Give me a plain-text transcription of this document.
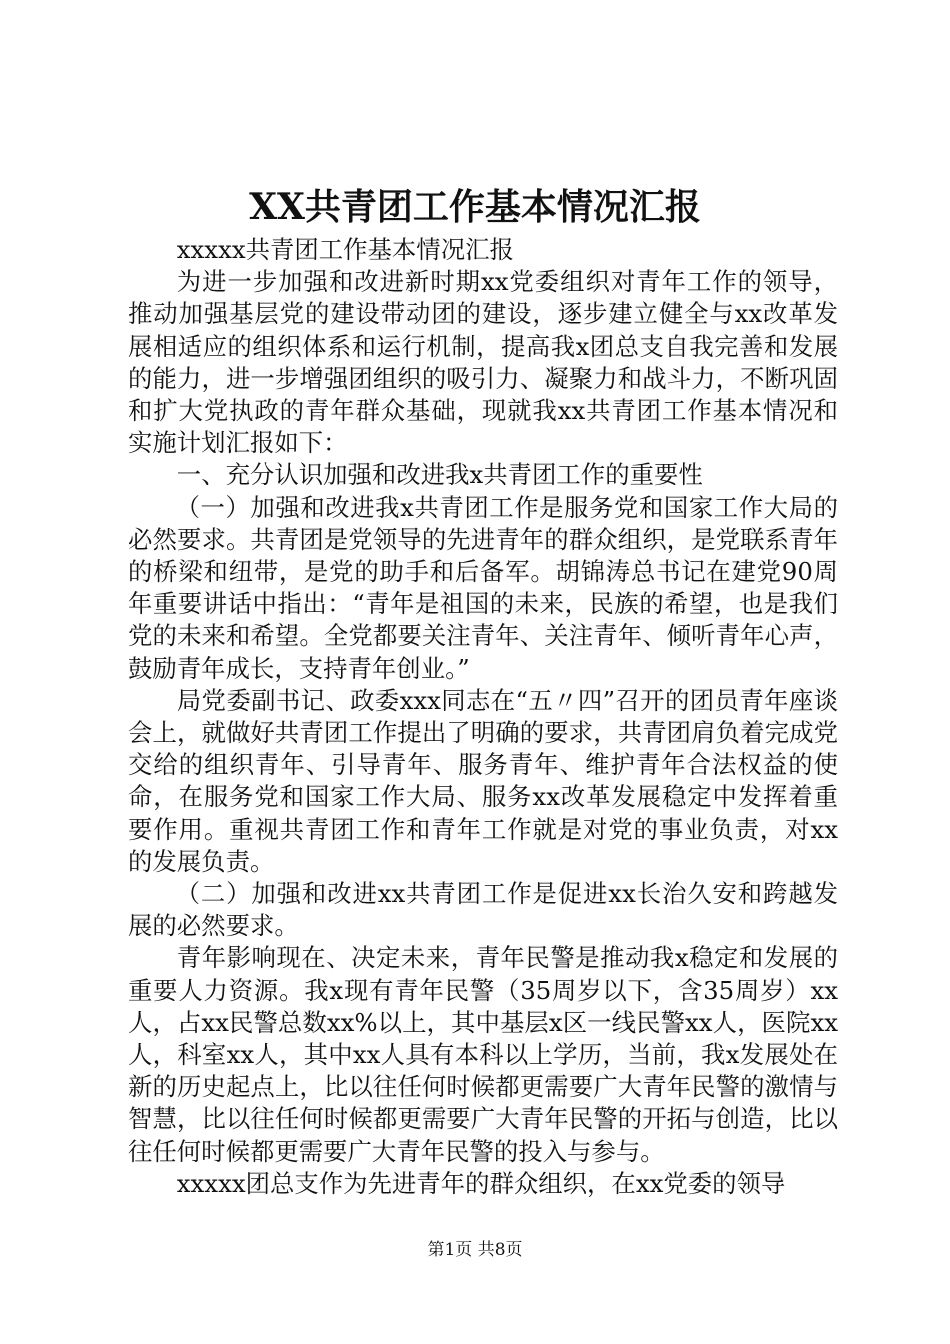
XX共青团工作基本情况汇报

xxxxx共青团工作基本情况汇报

为进一步加强和改进新时期xx党委组织对青年工作的领导，推动加强基层党的建设带动团的建设，逐步建立健全与xx改革发展相适应的组织体系和运行机制，提高我x团总支自我完善和发展的能力，进一步增强团组织的吸引力、凝聚力和战斗力，不断巩固和扩大党执政的青年群众基础，现就我xx共青团工作基本情况和实施计划汇报如下：

一、充分认识加强和改进我x共青团工作的重要性

（一）加强和改进我x共青团工作是服务党和国家工作大局的必然要求。共青团是党领导的先进青年的群众组织，是党联系青年的桥梁和纽带，是党的助手和后备军。胡锦涛总书记在建党90周年重要讲话中指出：“青年是祖国的未来，民族的希望，也是我们党的未来和希望。全党都要关注青年、关注青年、倾听青年心声，鼓励青年成长，支持青年创业。”

局党委副书记、政委xxx同志在“五〃四”召开的团员青年座谈会上，就做好共青团工作提出了明确的要求，共青团肩负着完成党交给的组织青年、引导青年、服务青年、维护青年合法权益的使命，在服务党和国家工作大局、服务xx改革发展稳定中发挥着重要作用。重视共青团工作和青年工作就是对党的事业负责，对xx的发展负责。

（二）加强和改进xx共青团工作是促进xx长治久安和跨越发展的必然要求。

青年影响现在、决定未来，青年民警是推动我x稳定和发展的重要人力资源。我x现有青年民警（35周岁以下，含35周岁）xx人，占xx民警总数xx%以上，其中基层x区一线民警xx人，医院xx人，科室xx人，其中xx人具有本科以上学历，当前，我x发展处在新的历史起点上，比以往任何时候都更需要广大青年民警的激情与智慧，比以往任何时候都更需要广大青年民警的开拓与创造，比以往任何时候都更需要广大青年民警的投入与参与。

xxxxx团总支作为先进青年的群众组织，在xx党委的领导

第1页 共8页
